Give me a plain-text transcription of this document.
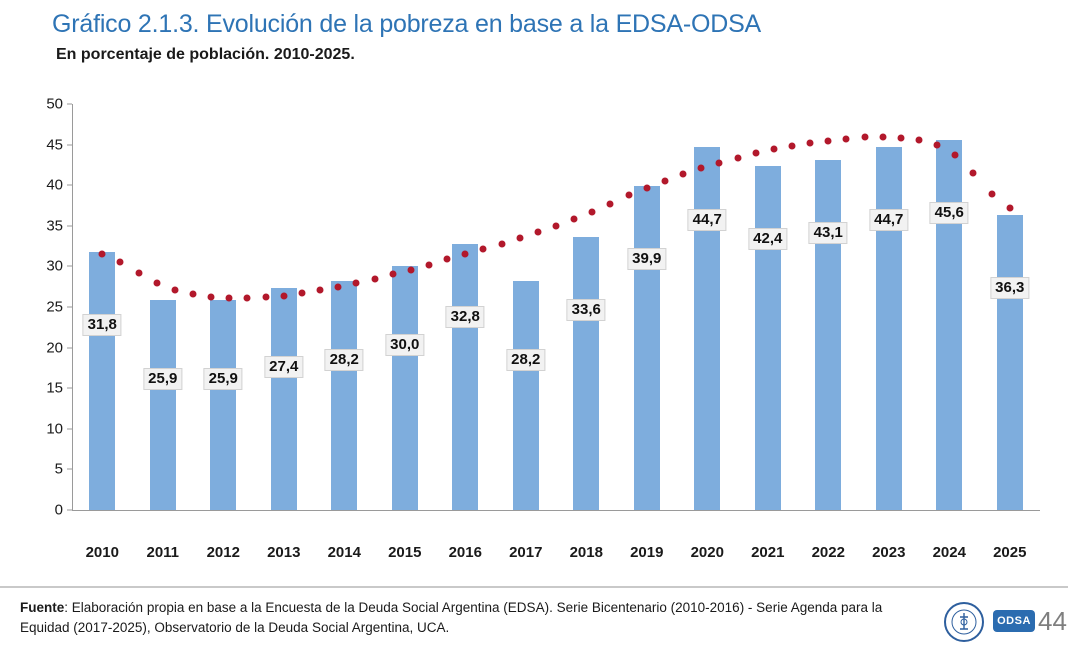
Gráfico 2.1.3. Evolución de la pobreza en base a la EDSA-ODSA
En porcentaje de población. 2010-2025.
0
5
10
15
20
25
30
35
40
45
50
31,8
2010
25,9
2011
25,9
2012
27,4
2013
28,2
2014
30,0
2015
32,8
2016
28,2
2017
33,6
2018
39,9
2019
44,7
2020
42,4
2021
43,1
2022
44,7
2023
45,6
2024
36,3
2025
Fuente: Elaboración propia en base a la Encuesta de la Deuda Social Argentina (EDSA). Serie Bicentenario (2010-2016) - Serie Agenda para la Equidad (2017-2025), Observatorio de la Deuda Social Argentina, UCA.	ODSA 44
